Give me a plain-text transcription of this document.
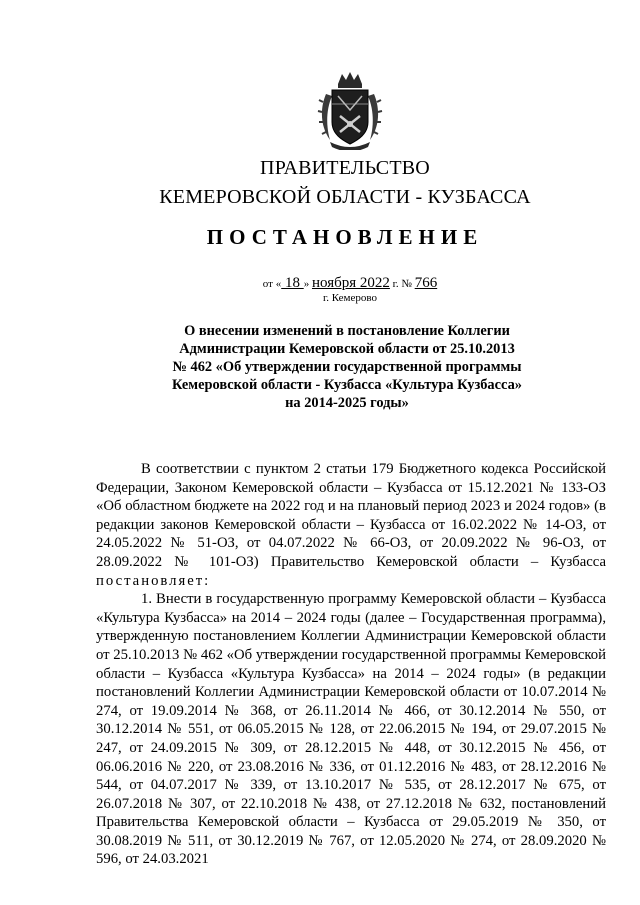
ПРАВИТЕЛЬСТВО
КЕМЕРОВСКОЙ ОБЛАСТИ - КУЗБАССА
ПОСТАНОВЛЕНИЕ
от « 18 » ноября 2022 г. № 766
г. Кемерово
О внесении изменений в постановление Коллегии
Администрации Кемеровской области от 25.10.2013
№ 462 «Об утверждении государственной программы
Кемеровской области - Кузбасса «Культура Кузбасса»
на 2014-2025 годы»

В соответствии с пунктом 2 статьи 179 Бюджетного кодекса Российской Федерации, Законом Кемеровской области – Кузбасса от 15.12.2021 № 133-ОЗ «Об областном бюджете на 2022 год и на плановый период 2023 и 2024 годов» (в редакции законов Кемеровской области – Кузбасса от 16.02.2022 № 14-ОЗ, от 24.05.2022 № 51-ОЗ, от 04.07.2022 № 66-ОЗ, от 20.09.2022 № 96-ОЗ, от 28.09.2022 № 101-ОЗ) Правительство Кемеровской области – Кузбасса постановляет:

1. Внести в государственную программу Кемеровской области – Кузбасса «Культура Кузбасса» на 2014 – 2024 годы (далее – Государственная программа), утвержденную постановлением Коллегии Администрации Кемеровской области от 25.10.2013 № 462 «Об утверждении государственной программы Кемеровской области – Кузбасса «Культура Кузбасса» на 2014 – 2024 годы» (в редакции постановлений Коллегии Администрации Кемеровской области от 10.07.2014 № 274, от 19.09.2014 № 368, от 26.11.2014 № 466, от 30.12.2014 № 550, от 30.12.2014 № 551, от 06.05.2015 № 128, от 22.06.2015 № 194, от 29.07.2015 № 247, от 24.09.2015 № 309, от 28.12.2015 № 448, от 30.12.2015 № 456, от 06.06.2016 № 220, от 23.08.2016 № 336, от 01.12.2016 № 483, от 28.12.2016 № 544, от 04.07.2017 № 339, от 13.10.2017 № 535, от 28.12.2017 № 675, от 26.07.2018 № 307, от 22.10.2018 № 438, от 27.12.2018 № 632, постановлений Правительства Кемеровской области – Кузбасса от 29.05.2019 № 350, от 30.08.2019 № 511, от 30.12.2019 № 767, от 12.05.2020 № 274, от 28.09.2020 № 596, от 24.03.2021
